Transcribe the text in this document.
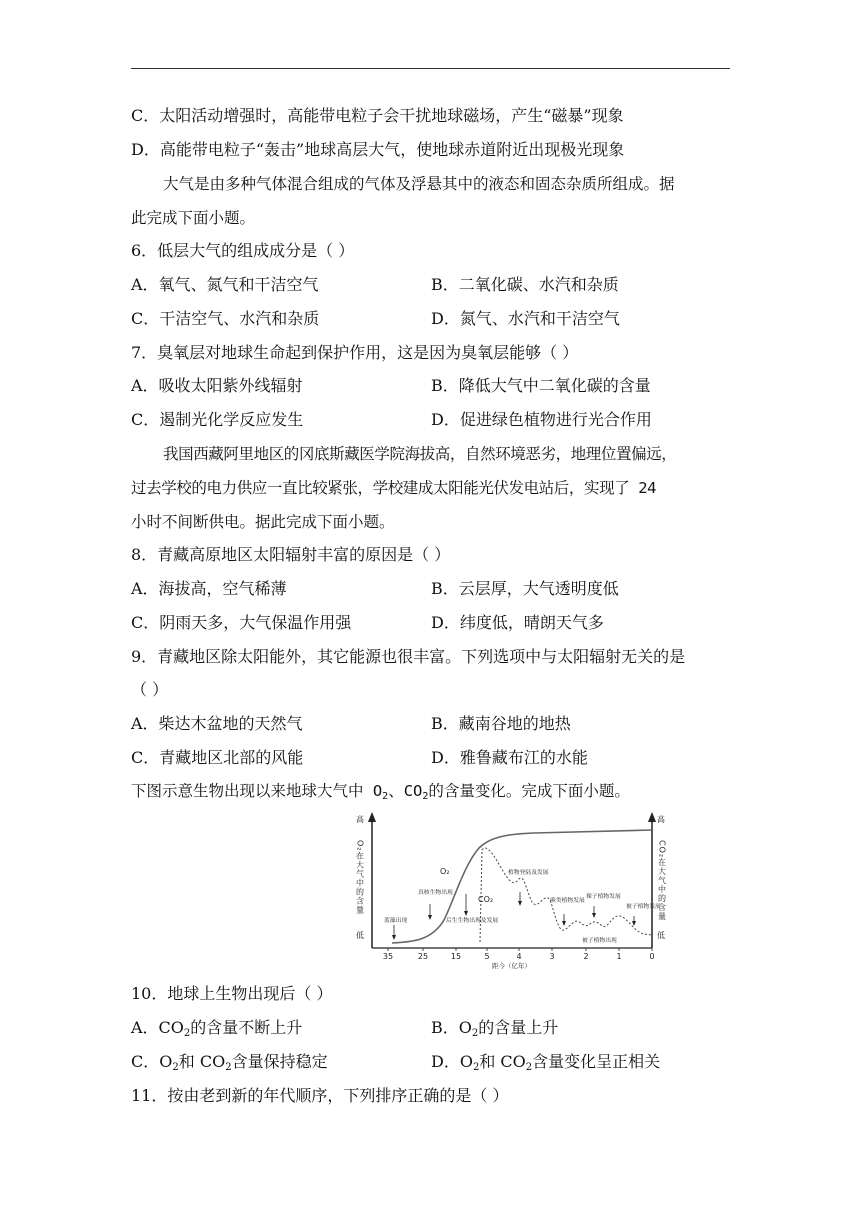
C．太阳活动增强时，高能带电粒子会干扰地球磁场，产生“磁暴”现象
D．高能带电粒子“轰击”地球高层大气，使地球赤道附近出现极光现象
大气是由多种气体混合组成的气体及浮悬其中的液态和固态杂质所组成。据
此完成下面小题。
6．低层大气的组成成分是（ ）
A．氧气、氮气和干洁空气	B．二氧化碳、水汽和杂质
C．干洁空气、水汽和杂质	D．氮气、水汽和干洁空气
7．臭氧层对地球生命起到保护作用，这是因为臭氧层能够（ ）
A．吸收太阳紫外线辐射	B．降低大气中二氧化碳的含量
C．遏制光化学反应发生	D．促进绿色植物进行光合作用
我国西藏阿里地区的冈底斯藏医学院海拔高，自然环境恶劣，地理位置偏远，
过去学校的电力供应一直比较紧张，学校建成太阳能光伏发电站后，实现了 24
小时不间断供电。据此完成下面小题。
8．青藏高原地区太阳辐射丰富的原因是（ ）
A．海拔高，空气稀薄	B．云层厚，大气透明度低
C．阴雨天多，大气保温作用强	D．纬度低，晴朗天气多
9．青藏地区除太阳能外，其它能源也很丰富。下列选项中与太阳辐射无关的是
（ ）
A．柴达木盆地的天然气	B．藏南谷地的地热
C．青藏地区北部的风能	D．雅鲁藏布江的水能
下图示意生物出现以来地球大气中 $O_2$、$CO_2$的含量变化。完成下面小题。
高
低
高
低
O₂在大气中的含量	CO₂在大气中的含量
35	25	15	5	4	3	2	1	0
距今（亿年）
O₂
CO₂
蓝藻出现
真核生物出现
后生生物出现及发展
植物登陆及发展
蕨类植物发展
裸子植物发展
被子植物出现
被子植物发展
10．地球上生物出现后（ ）
A．$CO_2$的含量不断上升	B．$O_2$的含量上升
C．$O_2$和 $CO_2$含量保持稳定	D．$O_2$和 $CO_2$含量变化呈正相关
11．按由老到新的年代顺序，下列排序正确的是（ ）
